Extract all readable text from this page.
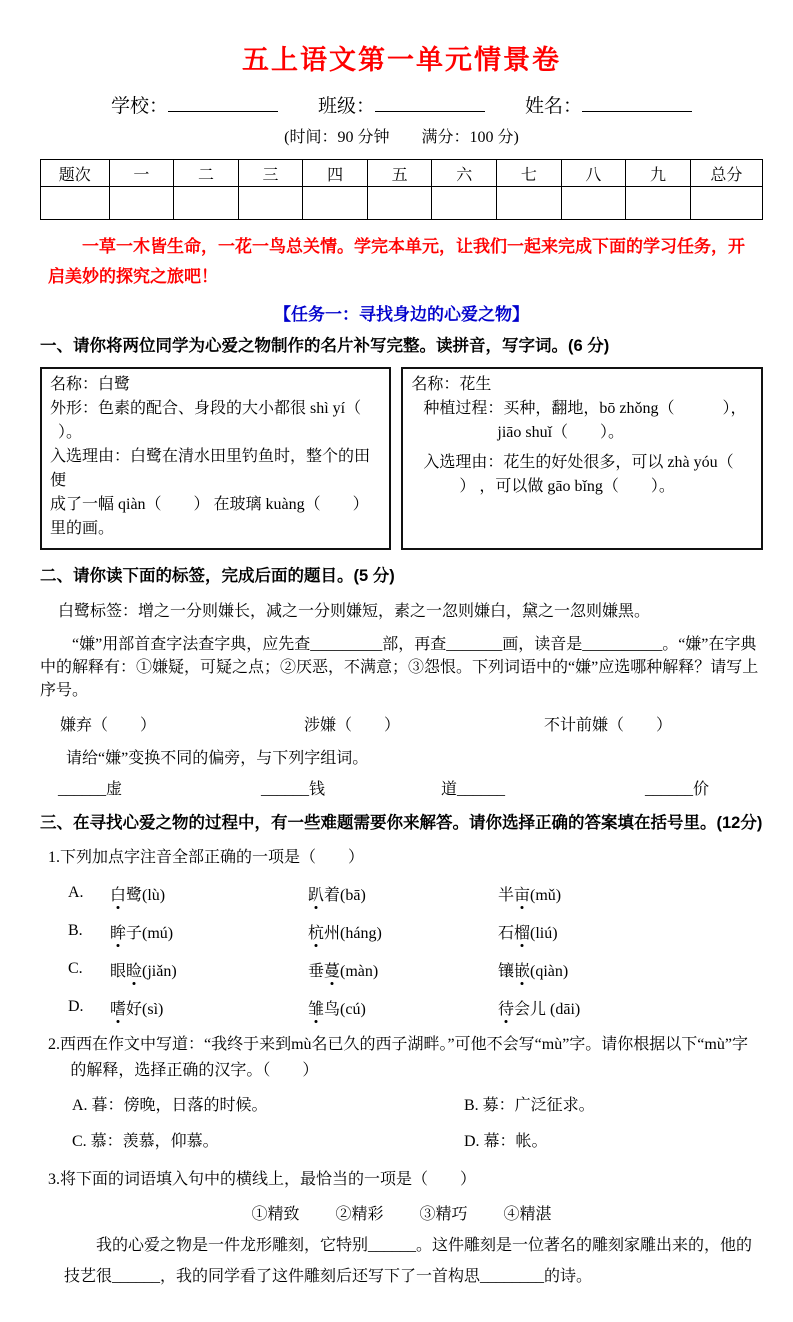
五上语文第一单元情景卷
学校：	班级：	姓名：
(时间：90 分钟　　满分：100 分)
题次	一	二	三	四	五	六	七	八	九	总分

一草一木皆生命，一花一鸟总关情。学完本单元，让我们一起来完成下面的学习任务，开启美妙的探究之旅吧！

【任务一：寻找身边的心爱之物】
一、请你将两位同学为心爱之物制作的名片补写完整。读拼音，写字词。(6 分)
名称：白鹭
外形：色素的配合、身段的大小都很 shì yí（
）。
入选理由：白鹭在清水田里钓鱼时，整个的田便
成了一幅 qiàn（　　） 在玻璃 kuàng（　　）里的画。
名称：花生
种植过程：买种，翻地，bō zhǒng（　　　），
jiāo shuǐ（　　）。
入选理由：花生的好处很多，可以 zhà yóu（
） ，可以做 gāo bǐng（　　）。
二、请你读下面的标签，完成后面的题目。(5 分)
白鹭标签：增之一分则嫌长，减之一分则嫌短，素之一忽则嫌白，黛之一忽则嫌黑。

“嫌”用部首查字法查字典，应先查_________部，再查_______画，读音是__________。“嫌”在字典中的解释有：①嫌疑，可疑之点；②厌恶，不满意；③怨恨。下列词语中的“嫌”应选哪种解释？请写上序号。

嫌弃（　　）	涉嫌（　　）	不计前嫌（　　）
请给“嫌”变换不同的偏旁，与下列字组词。
______虚	______钱	道______	______价
三、在寻找心爱之物的过程中，有一些难题需要你来解答。请你选择正确的答案填在括号里。(12分)
1.下列加点字注音全部正确的一项是（　　）
A.	白鹭(lù)	趴着(bā)	半亩(mǔ)
B.	眸子(mú)	杭州(háng)	石榴(liú)
C.	眼睑(jiǎn)	垂蔓(màn)	镶嵌(qiàn)
D.	嗜好(sì)	雏鸟(cú)	待会儿 (dāi)
2.西西在作文中写道：“我终于来到mù名已久的西子湖畔。”可他不会写“mù”字。请你根据以下“mù”字的解释，选择正确的汉字。（　　）
A. 暮：傍晚，日落的时候。	B. 募：广泛征求。
C. 慕：羡慕，仰慕。	D. 幕：帐。
3.将下面的词语填入句中的横线上，最恰当的一项是（　　）
①精致 ②精彩 ③精巧 ④精湛

我的心爱之物是一件龙形雕刻，它特别______。这件雕刻是一位著名的雕刻家雕出来的，他的技艺很______，我的同学看了这件雕刻后还写下了一首构思________的诗。
